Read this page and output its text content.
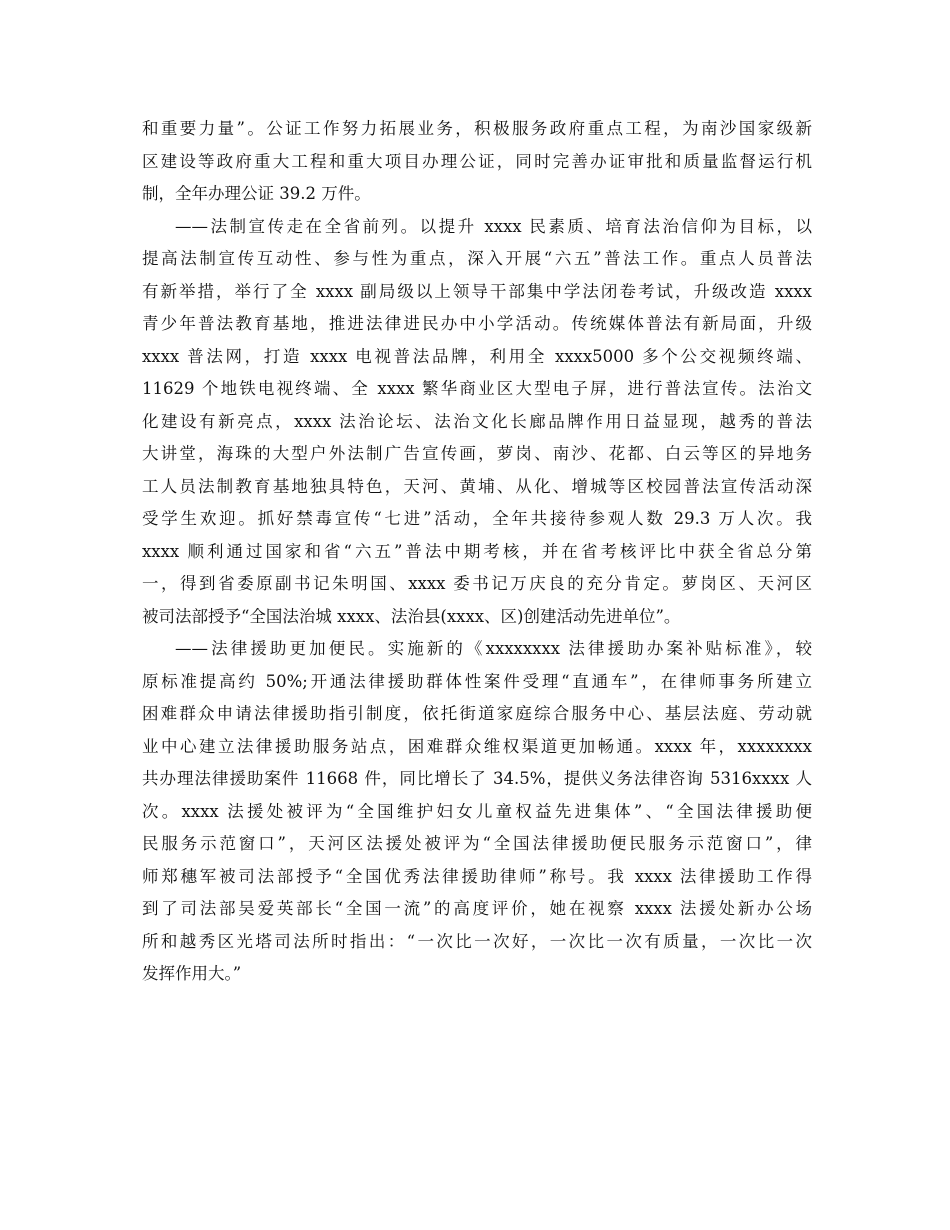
和重要力量”。公证工作努力拓展业务，积极服务政府重点工程，为南沙国家级新
区建设等政府重大工程和重大项目办理公证，同时完善办证审批和质量监督运行机
制，全年办理公证 39.2 万件。
——法制宣传走在全省前列。以提升 xxxx 民素质、培育法治信仰为目标，以
提高法制宣传互动性、参与性为重点，深入开展“六五”普法工作。重点人员普法
有新举措，举行了全 xxxx 副局级以上领导干部集中学法闭卷考试，升级改造 xxxx
青少年普法教育基地，推进法律进民办中小学活动。传统媒体普法有新局面，升级
xxxx 普法网，打造 xxxx 电视普法品牌，利用全 xxxx5000 多个公交视频终端、
11629 个地铁电视终端、全 xxxx 繁华商业区大型电子屏，进行普法宣传。法治文
化建设有新亮点，xxxx 法治论坛、法治文化长廊品牌作用日益显现，越秀的普法
大讲堂，海珠的大型户外法制广告宣传画，萝岗、南沙、花都、白云等区的异地务
工人员法制教育基地独具特色，天河、黄埔、从化、增城等区校园普法宣传活动深
受学生欢迎。抓好禁毒宣传“七进”活动，全年共接待参观人数 29.3 万人次。我
xxxx 顺利通过国家和省“六五”普法中期考核，并在省考核评比中获全省总分第
一，得到省委原副书记朱明国、xxxx 委书记万庆良的充分肯定。萝岗区、天河区
被司法部授予“全国法治城 xxxx、法治县(xxxx、区)创建活动先进单位”。
——法律援助更加便民。实施新的《xxxxxxxx 法律援助办案补贴标准》，较
原标准提高约 50%;开通法律援助群体性案件受理“直通车”，在律师事务所建立
困难群众申请法律援助指引制度，依托街道家庭综合服务中心、基层法庭、劳动就
业中心建立法律援助服务站点，困难群众维权渠道更加畅通。xxxx 年，xxxxxxxx
共办理法律援助案件 11668 件，同比增长了 34.5%，提供义务法律咨询 5316xxxx 人
次。xxxx 法援处被评为“全国维护妇女儿童权益先进集体”、“全国法律援助便
民服务示范窗口”，天河区法援处被评为“全国法律援助便民服务示范窗口”，律
师郑穗军被司法部授予“全国优秀法律援助律师”称号。我 xxxx 法律援助工作得
到了司法部吴爱英部长“全国一流”的高度评价，她在视察 xxxx 法援处新办公场
所和越秀区光塔司法所时指出：“一次比一次好，一次比一次有质量，一次比一次
发挥作用大。”
